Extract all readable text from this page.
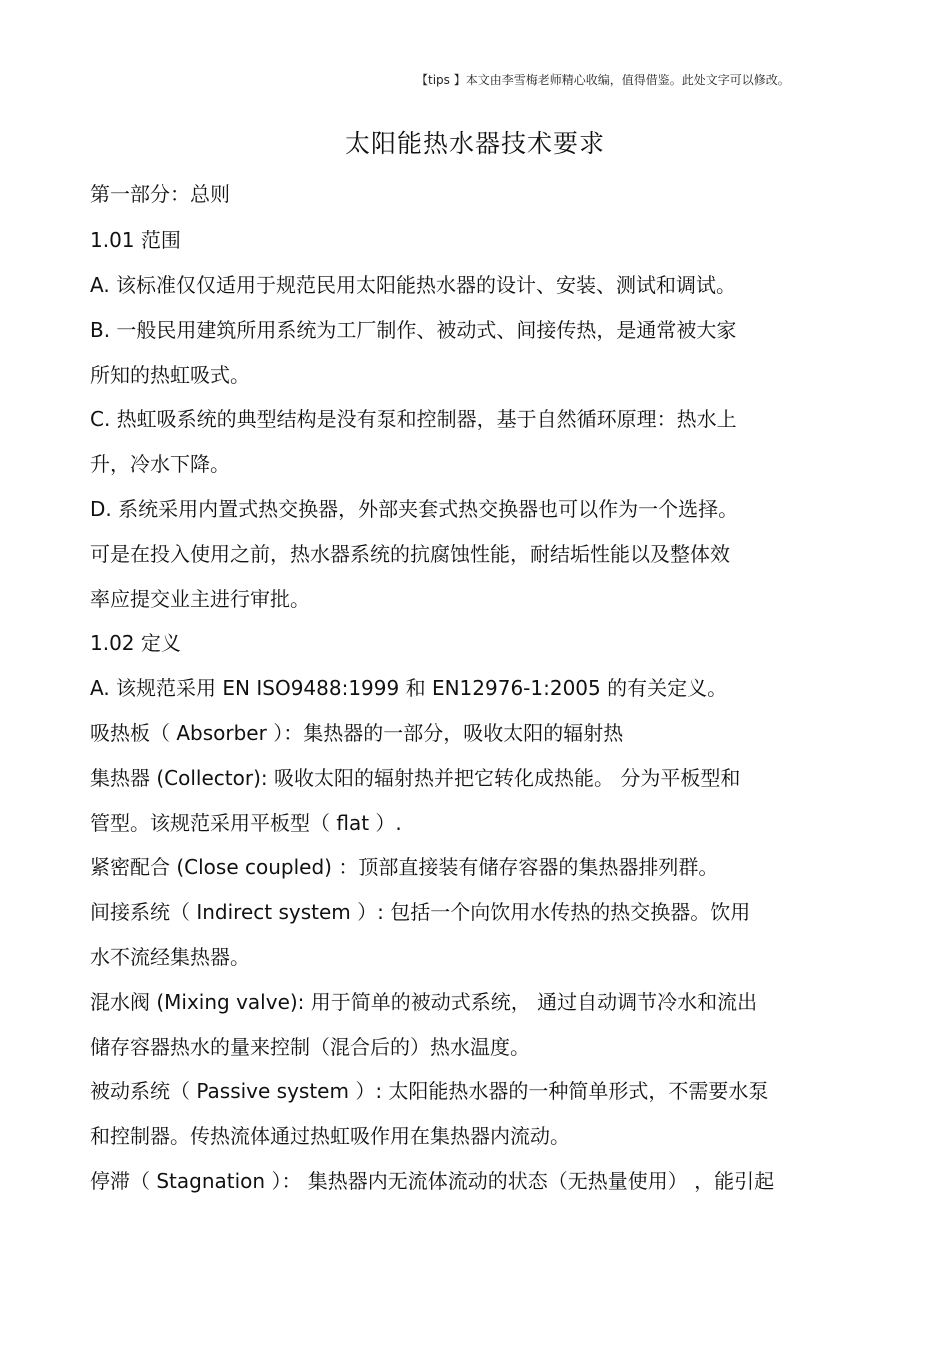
【tips 】本文由李雪梅老师精心收编，值得借鉴。此处文字可以修改。
太阳能热水器技术要求
第一部分：总则
1.01 范围
A. 该标准仅仅适用于规范民用太阳能热水器的设计、安装、测试和调试。
B. 一般民用建筑所用系统为工厂制作、被动式、间接传热，是通常被大家
所知的热虹吸式。
C. 热虹吸系统的典型结构是没有泵和控制器，基于自然循环原理：热水上
升，冷水下降。
D. 系统采用内置式热交换器，外部夹套式热交换器也可以作为一个选择。
可是在投入使用之前，热水器系统的抗腐蚀性能，耐结垢性能以及整体效
率应提交业主进行审批。
1.02 定义
A. 该规范采用 EN ISO9488:1999 和 EN12976-1:2005 的有关定义。
吸热板（ Absorber ）：集热器的一部分，吸收太阳的辐射热
集热器 (Collector): 吸收太阳的辐射热并把它转化成热能。 分为平板型和
管型。该规范采用平板型（ flat ）.
紧密配合 (Close coupled) ：顶部直接装有储存容器的集热器排列群。
间接系统（ Indirect system ）: 包括一个向饮用水传热的热交换器。饮用
水不流经集热器。
混水阀 (Mixing valve): 用于简单的被动式系统， 通过自动调节冷水和流出
储存容器热水的量来控制（混合后的）热水温度。
被动系统（ Passive system ）: 太阳能热水器的一种简单形式，不需要水泵
和控制器。传热流体通过热虹吸作用在集热器内流动。
停滞（ Stagnation ）： 集热器内无流体流动的状态（无热量使用） ，能引起
